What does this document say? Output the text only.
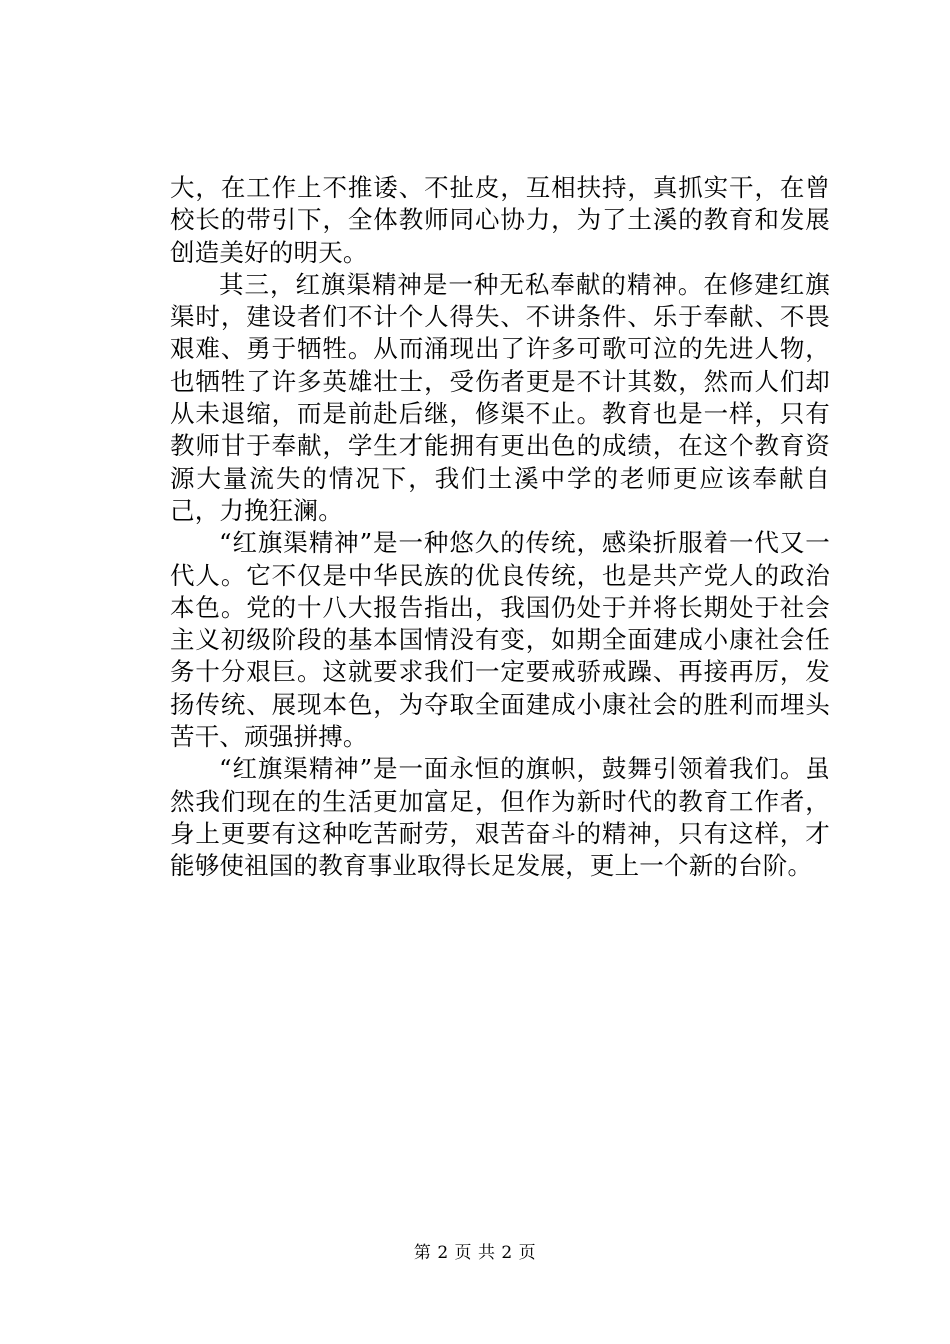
大，在工作上不推诿、不扯皮，互相扶持，真抓实干，在曾校长的带引下，全体教师同心协力，为了土溪的教育和发展创造美好的明天。

其三，红旗渠精神是一种无私奉献的精神。在修建红旗渠时，建设者们不计个人得失、不讲条件、乐于奉献、不畏艰难、勇于牺牲。从而涌现出了许多可歌可泣的先进人物，也牺牲了许多英雄壮士，受伤者更是不计其数，然而人们却从未退缩，而是前赴后继，修渠不止。教育也是一样，只有教师甘于奉献，学生才能拥有更出色的成绩，在这个教育资源大量流失的情况下，我们土溪中学的老师更应该奉献自己，力挽狂澜。

“红旗渠精神”是一种悠久的传统，感染折服着一代又一代人。它不仅是中华民族的优良传统，也是共产党人的政治本色。党的十八大报告指出，我国仍处于并将长期处于社会主义初级阶段的基本国情没有变，如期全面建成小康社会任务十分艰巨。这就要求我们一定要戒骄戒躁、再接再厉，发扬传统、展现本色，为夺取全面建成小康社会的胜利而埋头苦干、顽强拼搏。

“红旗渠精神”是一面永恒的旗帜，鼓舞引领着我们。虽然我们现在的生活更加富足，但作为新时代的教育工作者，身上更要有这种吃苦耐劳，艰苦奋斗的精神，只有这样，才能够使祖国的教育事业取得长足发展，更上一个新的台阶。

第 2 页 共 2 页
